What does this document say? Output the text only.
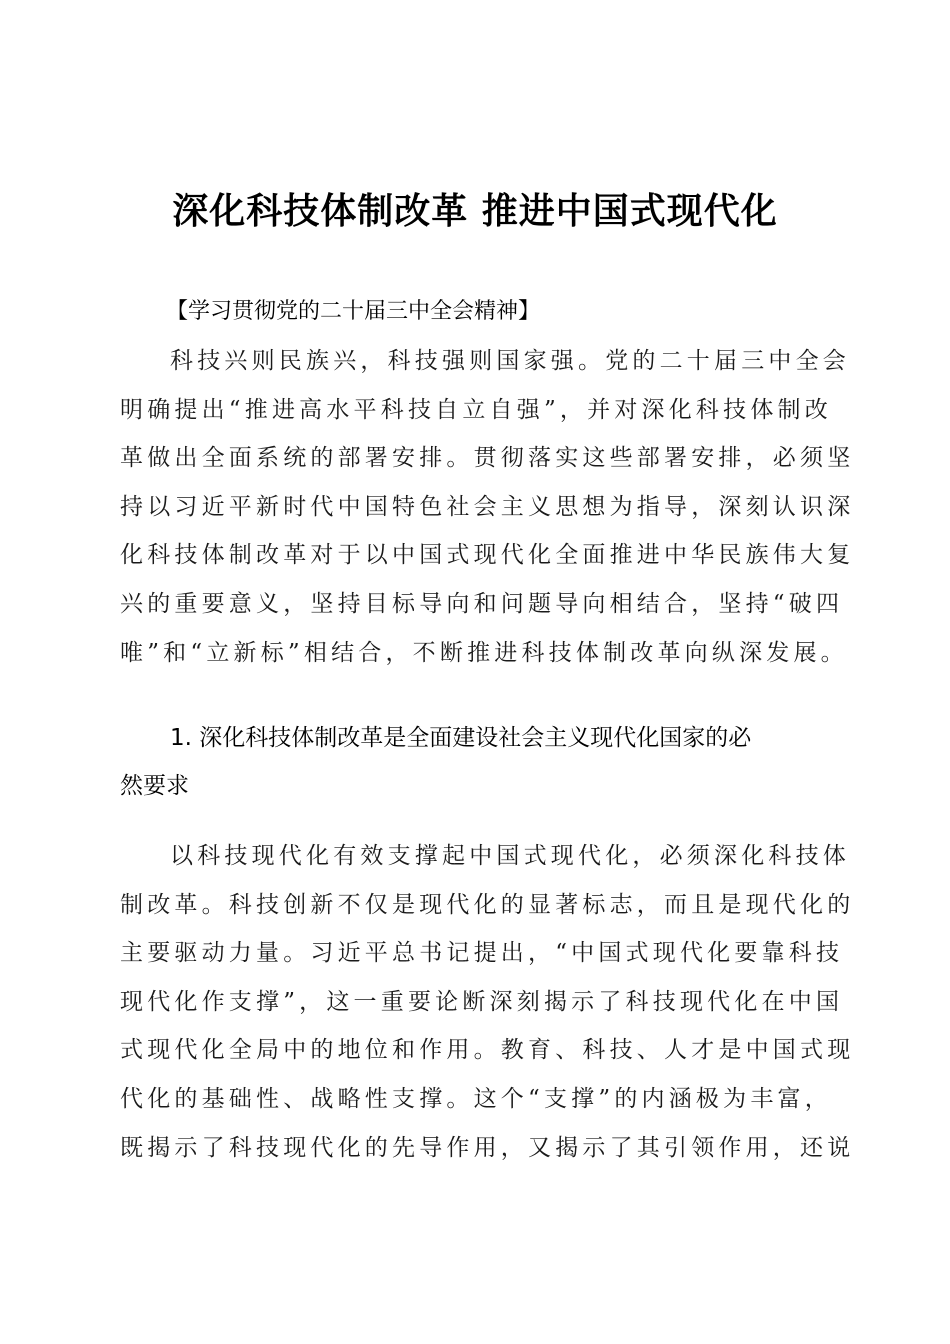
深化科技体制改革 推进中国式现代化
【学习贯彻党的二十届三中全会精神】
科技兴则民族兴，科技强则国家强。党的二十届三中全会
明确提出“推进高水平科技自立自强”，并对深化科技体制改
革做出全面系统的部署安排。贯彻落实这些部署安排，必须坚
持以习近平新时代中国特色社会主义思想为指导，深刻认识深
化科技体制改革对于以中国式现代化全面推进中华民族伟大复
兴的重要意义，坚持目标导向和问题导向相结合，坚持“破四
唯”和“立新标”相结合，不断推进科技体制改革向纵深发展。
1. 深化科技体制改革是全面建设社会主义现代化国家的必
然要求
以科技现代化有效支撑起中国式现代化，必须深化科技体
制改革。科技创新不仅是现代化的显著标志，而且是现代化的
主要驱动力量。习近平总书记提出，“中国式现代化要靠科技
现代化作支撑”，这一重要论断深刻揭示了科技现代化在中国
式现代化全局中的地位和作用。教育、科技、人才是中国式现
代化的基础性、战略性支撑。这个“支撑”的内涵极为丰富，
既揭示了科技现代化的先导作用，又揭示了其引领作用，还说
